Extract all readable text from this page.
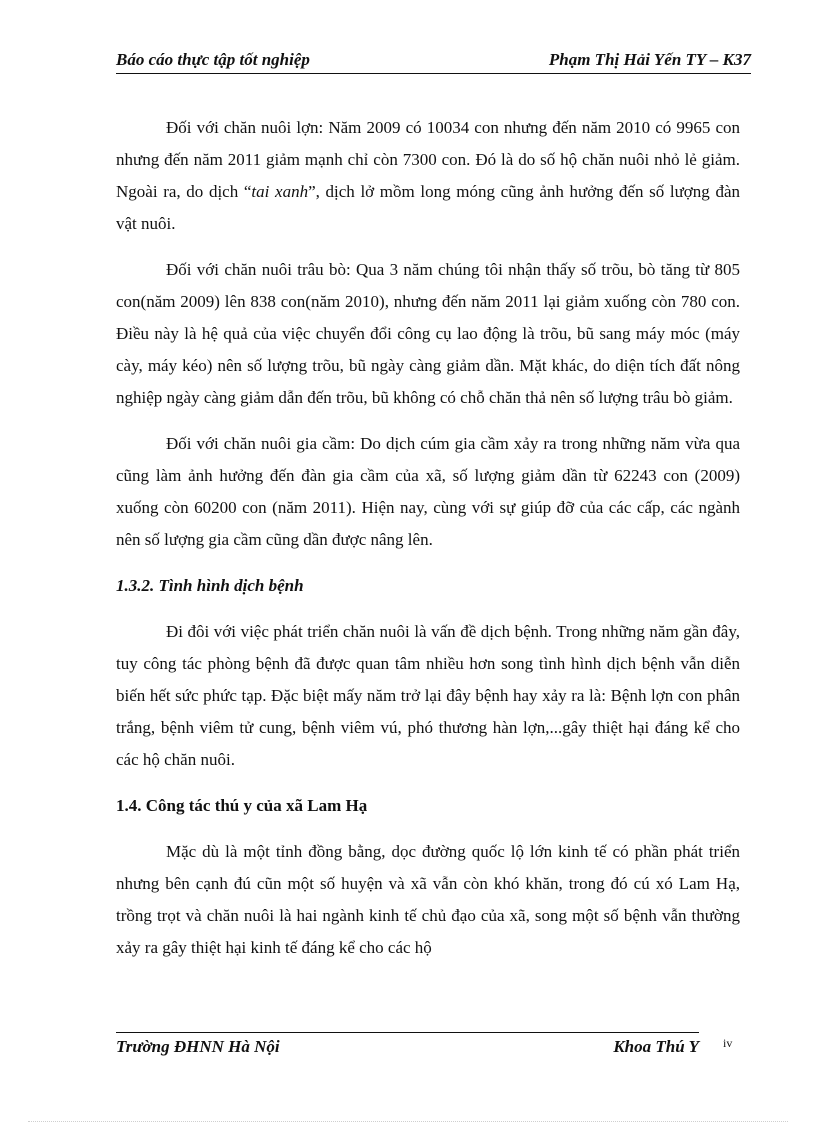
Báo cáo thực tập tốt nghiệp	Phạm Thị Hải Yến TY – K37

Đối với chăn nuôi lợn: Năm 2009 có 10034 con nhưng đến năm 2010 có 9965 con nhưng đến năm 2011 giảm mạnh chỉ còn 7300 con. Đó là do số hộ chăn nuôi nhỏ lẻ giảm. Ngoài ra, do dịch “tai xanh”, dịch lở mồm long móng cũng ảnh hưởng đến số lượng đàn vật nuôi.

Đối với chăn nuôi trâu bò: Qua 3 năm chúng tôi nhận thấy số trõu, bò tăng từ 805 con(năm 2009) lên 838 con(năm 2010), nhưng đến năm 2011 lại giảm xuống còn 780 con. Điều này là hệ quả của việc chuyển đổi công cụ lao động là trõu, bũ sang máy móc (máy cày, máy kéo) nên số lượng trõu, bũ ngày càng giảm dần. Mặt khác, do diện tích đất nông nghiệp ngày càng giảm dẫn đến trõu, bũ không có chỗ chăn thả nên số lượng trâu bò giảm.

Đối với chăn nuôi gia cầm: Do dịch cúm gia cầm xảy ra trong những năm vừa qua cũng làm ảnh hưởng đến đàn gia cầm của xã, số lượng giảm dần từ 62243 con (2009) xuống còn 60200 con (năm 2011). Hiện nay, cùng với sự giúp đỡ của các cấp, các ngành nên số lượng gia cầm cũng dần được nâng lên.

1.3.2. Tình hình dịch bệnh

Đi đôi với việc phát triển chăn nuôi là vấn đề dịch bệnh. Trong những năm gần đây, tuy công tác phòng bệnh đã được quan tâm nhiều hơn song tình hình dịch bệnh vẫn diễn biến hết sức phức tạp. Đặc biệt mấy năm trở lại đây bệnh hay xảy ra là: Bệnh lợn con phân trắng, bệnh viêm tử cung, bệnh viêm vú, phó thương hàn lợn,...gây thiệt hại đáng kể cho các hộ chăn nuôi.

1.4. Công tác thú y của xã Lam Hạ

Mặc dù là một tỉnh đồng bằng, dọc đường quốc lộ lớn kinh tế có phần phát triển nhưng bên cạnh đú cũn một số huyện và xã vẫn còn khó khăn, trong đó cú xó Lam Hạ, trồng trọt và chăn nuôi là hai ngành kinh tế chủ đạo của xã, song một số bệnh vẫn thường xảy ra gây thiệt hại kinh tế đáng kể cho các hộ

Trường ĐHNN Hà Nội	Khoa Thú Y iv
